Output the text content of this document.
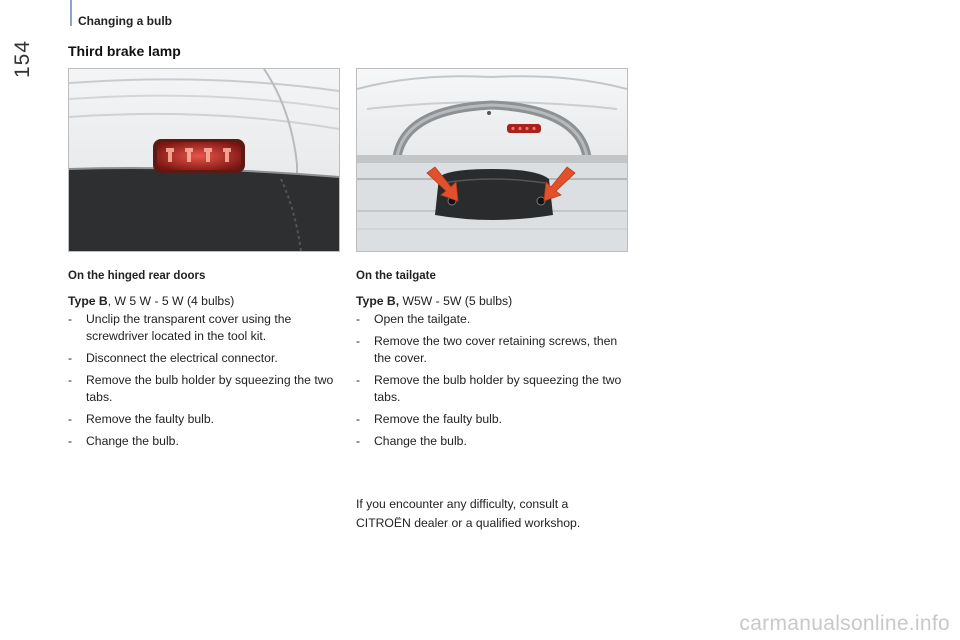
154
Changing a bulb
Third brake lamp
On the hinged rear doors
Type B, W 5 W - 5 W (4 bulbs)
- Unclip the transparent cover using the screwdriver located in the tool kit.
- Disconnect the electrical connector.
- Remove the bulb holder by squeezing the two tabs.
- Remove the faulty bulb.
- Change the bulb.
On the tailgate
Type B, W5W - 5W (5 bulbs)
- Open the tailgate.
- Remove the two cover retaining screws, then the cover.
- Remove the bulb holder by squeezing the two tabs.
- Remove the faulty bulb.
- Change the bulb.
If you encounter any difficulty, consult a CITROËN dealer or a qualified workshop.
carmanualsonline.info
